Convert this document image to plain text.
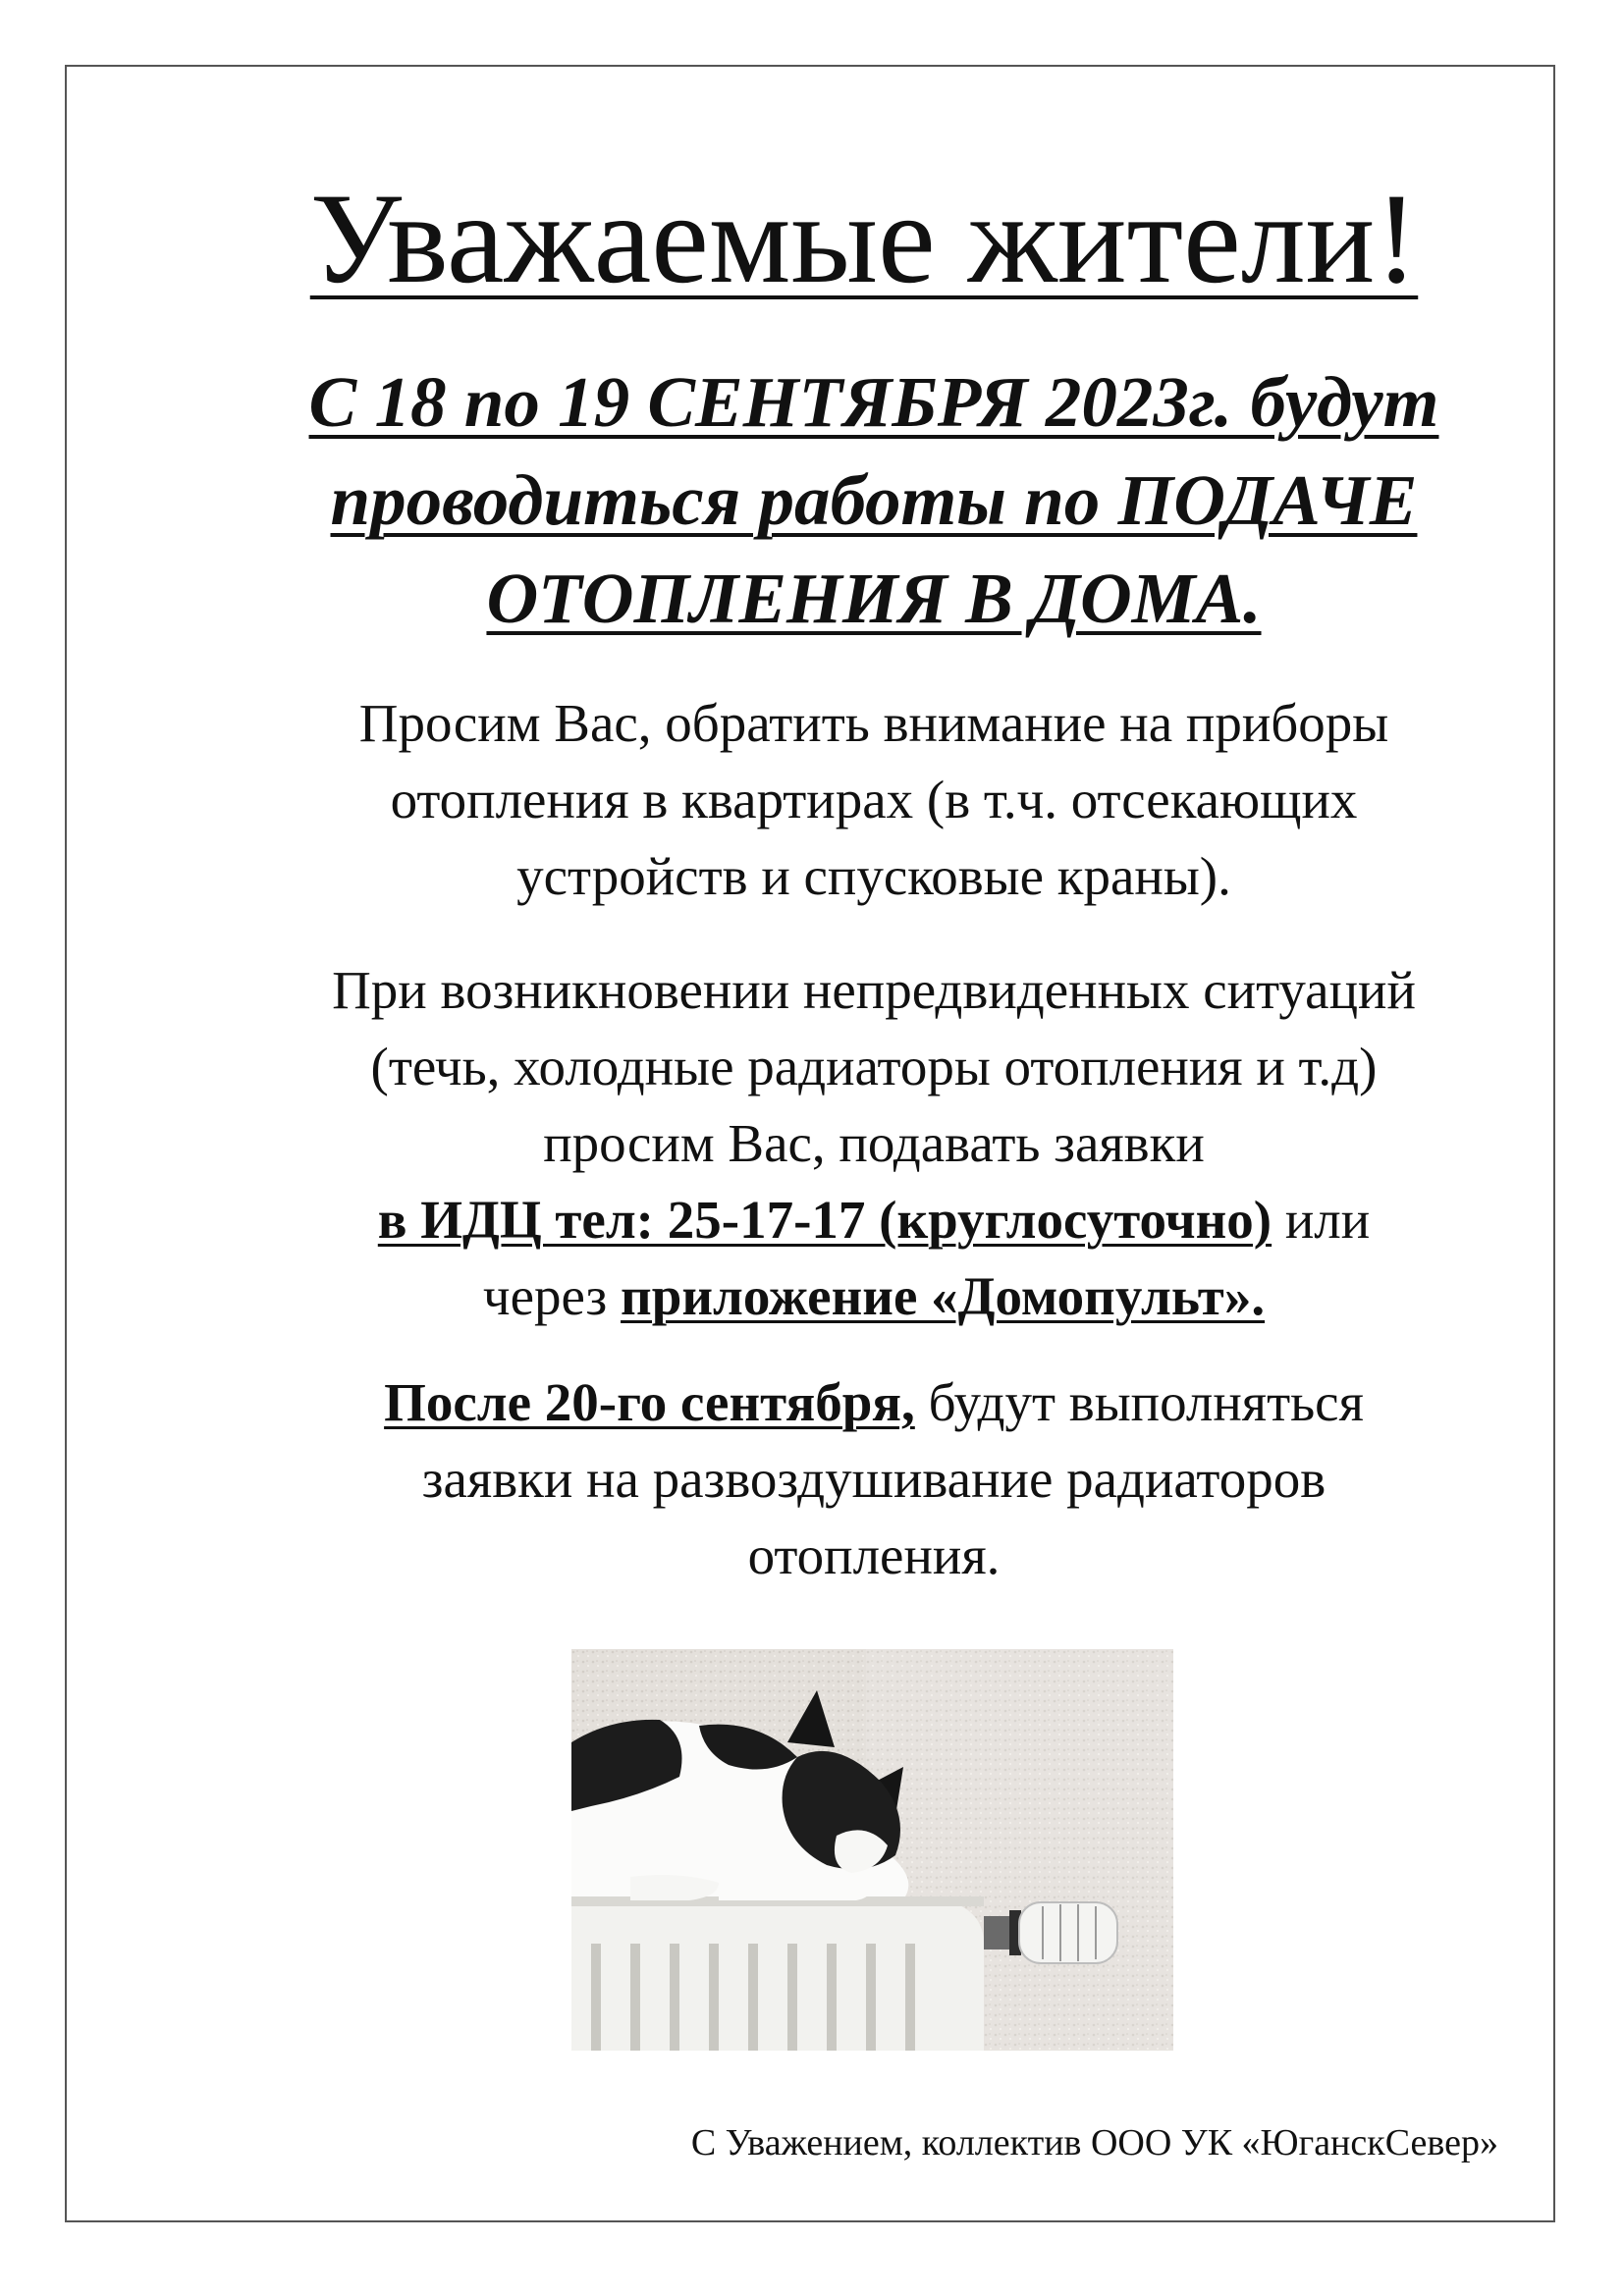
Уважаемые жители!
С 18 по 19 СЕНТЯБРЯ 2023г. будут
проводиться работы по ПОДАЧЕ
ОТОПЛЕНИЯ В ДОМА.
Просим Вас, обратить внимание на приборы
отопления в квартирах (в т.ч. отсекающих
устройств и спусковые краны).
При возникновении непредвиденных ситуаций
(течь, холодные радиаторы отопления и т.д)
просим Вас, подавать заявки
в ИДЦ тел: 25-17-17 (круглосуточно) или
через приложение «Домопульт».
После 20-го сентября, будут выполняться
заявки на развоздушивание радиаторов
отопления.
С Уважением, коллектив ООО УК «ЮганскСевер»
